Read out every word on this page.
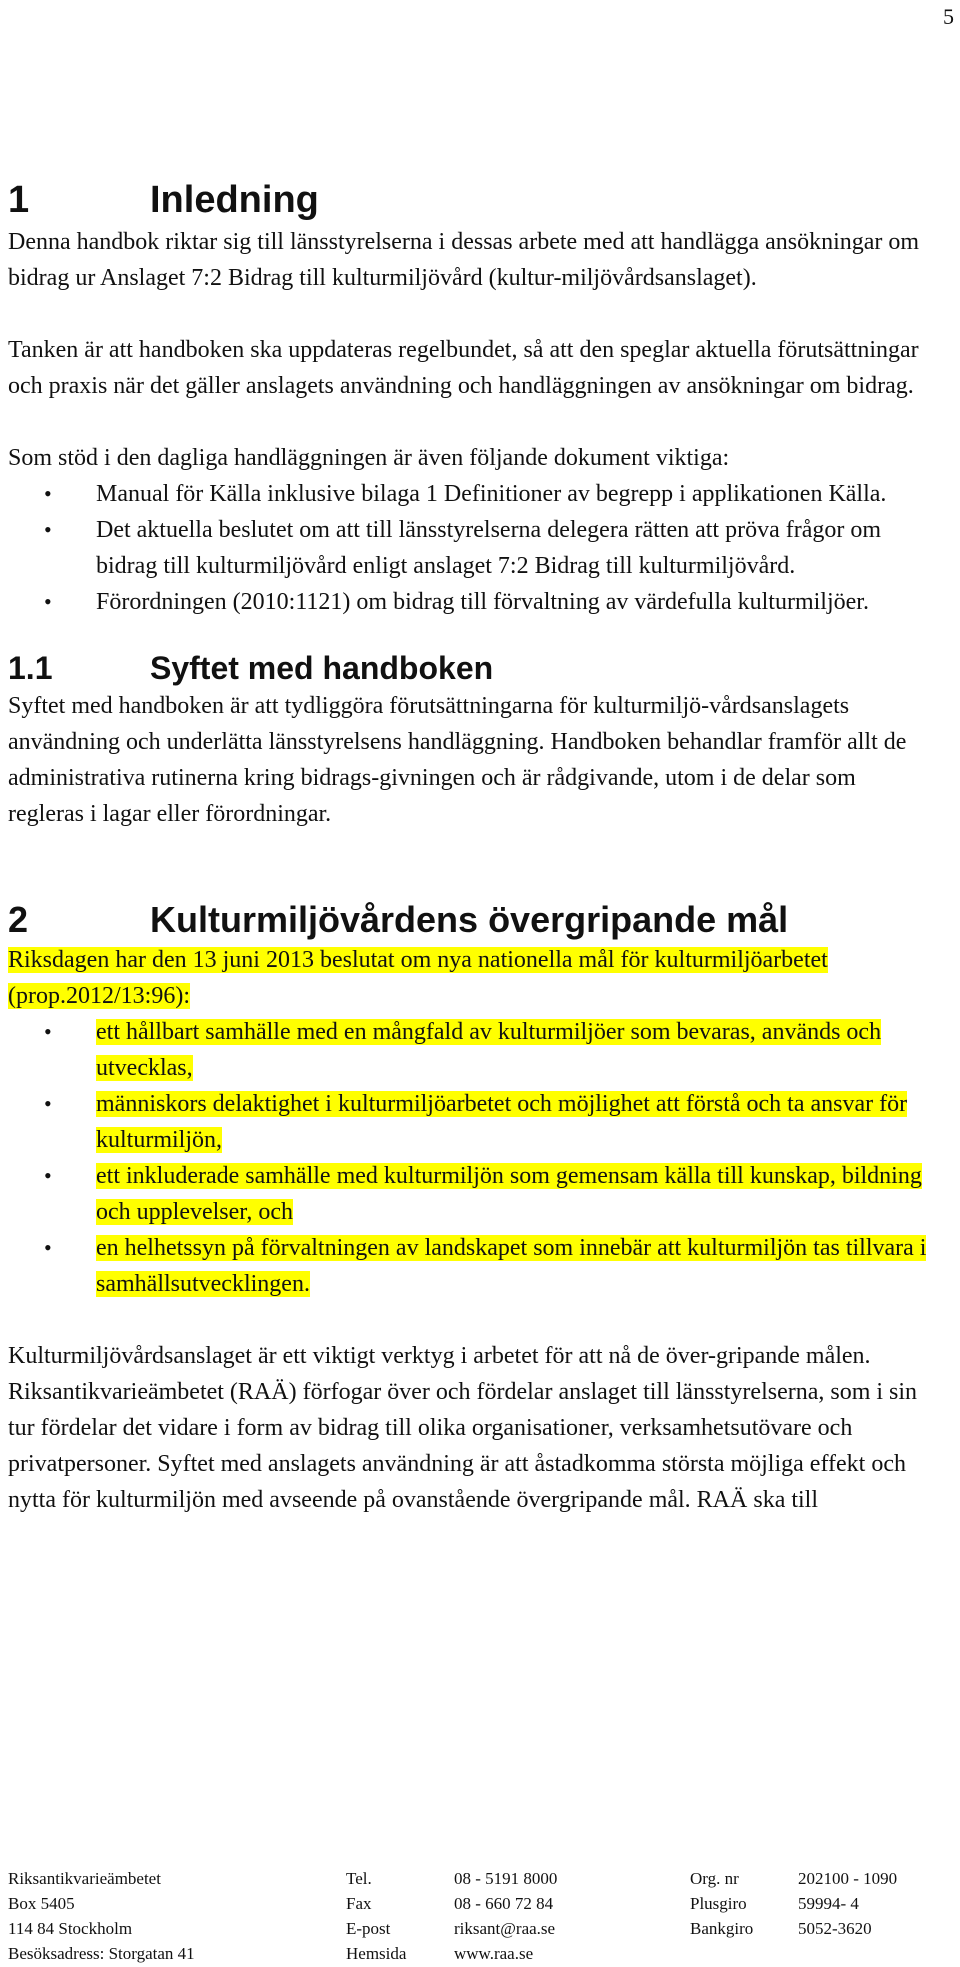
5
1	Inledning

Denna handbok riktar sig till länsstyrelserna i dessas arbete med att handlägga ansökningar om bidrag ur Anslaget 7:2 Bidrag till kulturmiljövård (kultur-miljövårdsanslaget).

Tanken är att handboken ska uppdateras regelbundet, så att den speglar aktuella förutsättningar och praxis när det gäller anslagets användning och handläggningen av ansökningar om bidrag.

Som stöd i den dagliga handläggningen är även följande dokument viktiga:

• Manual för Källa inklusive bilaga 1 Definitioner av begrepp i applikationen Källa.
• Det aktuella beslutet om att till länsstyrelserna delegera rätten att pröva frågor om bidrag till kulturmiljövård enligt anslaget 7:2 Bidrag till kulturmiljövård.
• Förordningen (2010:1121) om bidrag till förvaltning av värdefulla kulturmiljöer.
1.1	Syftet med handboken

Syftet med handboken är att tydliggöra förutsättningarna för kulturmiljö-vårdsanslagets användning och underlätta länsstyrelsens handläggning. Handboken behandlar framför allt de administrativa rutinerna kring bidrags-givningen och är rådgivande, utom i de delar som regleras i lagar eller förordningar.

2	Kulturmiljövårdens övergripande mål

Riksdagen har den 13 juni 2013 beslutat om nya nationella mål för kulturmiljöarbetet (prop.2012/13:96):

• ett hållbart samhälle med en mångfald av kulturmiljöer som bevaras, används och utvecklas,
• människors delaktighet i kulturmiljöarbetet och möjlighet att förstå och ta ansvar för kulturmiljön,
• ett inkluderade samhälle med kulturmiljön som gemensam källa till kunskap, bildning och upplevelser, och
• en helhetssyn på förvaltningen av landskapet som innebär att kulturmiljön tas tillvara i samhällsutvecklingen.

Kulturmiljövårdsanslaget är ett viktigt verktyg i arbetet för att nå de över-gripande målen. Riksantikvarieämbetet (RAÄ) förfogar över och fördelar anslaget till länsstyrelserna, som i sin tur fördelar det vidare i form av bidrag till olika organisationer, verksamhetsutövare och privatpersoner. Syftet med anslagets användning är att åstadkomma största möjliga effekt och nytta för kulturmiljön med avseende på ovanstående övergripande mål. RAÄ ska till

Riksantikvarieämbetet	Tel.	08 - 5191 8000	Org. nr	202100 - 1090
Box 5405	Fax	08 - 660 72 84	Plusgiro	59994- 4
114 84 Stockholm	E-post	riksant@raa.se	Bankgiro	5052-3620
Besöksadress: Storgatan 41	Hemsida	www.raa.se
